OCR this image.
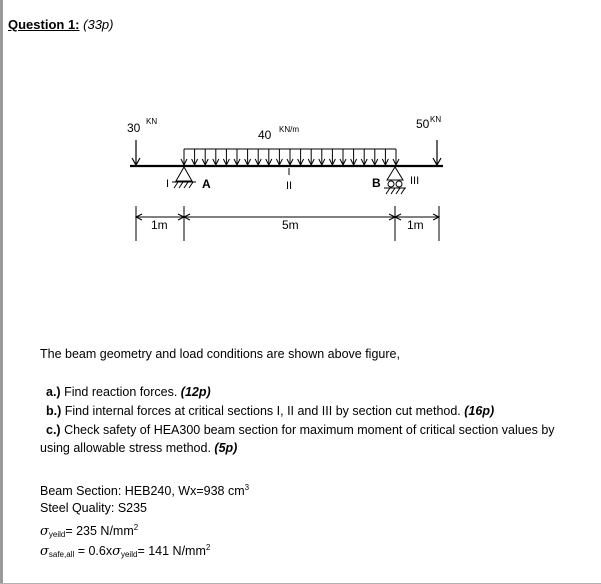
Question 1: (33p)
30 KN
40 KN/m	50 KN
A	B
I	II	III
1m	5m	1m
The beam geometry and load conditions are shown above figure,
a.) Find reaction forces. (12p)
b.) Find internal forces at critical sections I, II and III by section cut method. (16p)
c.) Check safety of HEA300 beam section for maximum moment of critical section values by
using allowable stress method. (5p)
Beam Section: HEB240, Wx=938 $cm^3$
Steel Quality: S235
$\sigma_{yeild}= 235$ $N/mm^2$
$\sigma_{safe,all} = 0.6x\sigma_{yeild}= 141$ $N/mm^2$
